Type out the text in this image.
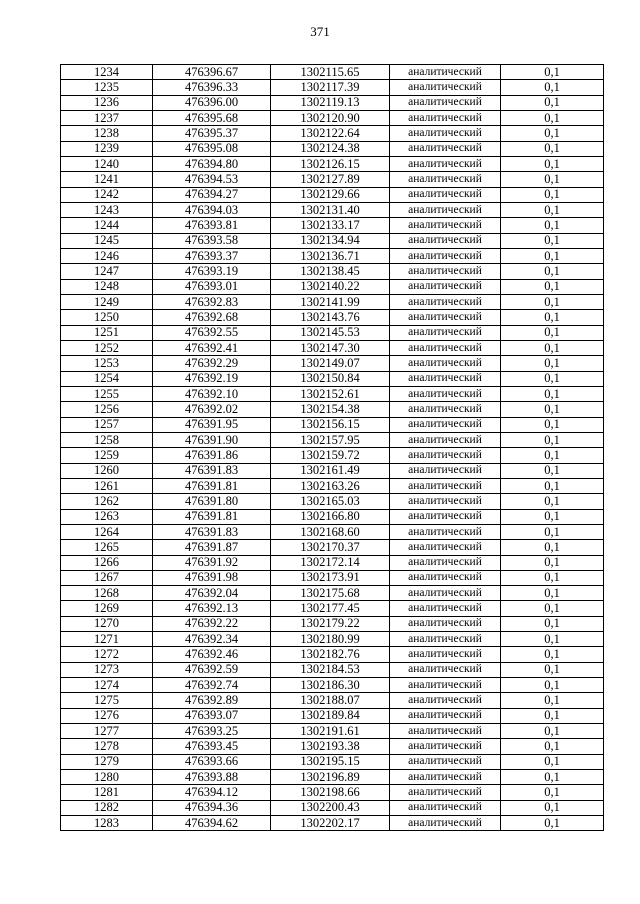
371
1234	476396.67	1302115.65	аналитический	0,1
1235	476396.33	1302117.39	аналитический	0,1
1236	476396.00	1302119.13	аналитический	0,1
1237	476395.68	1302120.90	аналитический	0,1
1238	476395.37	1302122.64	аналитический	0,1
1239	476395.08	1302124.38	аналитический	0,1
1240	476394.80	1302126.15	аналитический	0,1
1241	476394.53	1302127.89	аналитический	0,1
1242	476394.27	1302129.66	аналитический	0,1
1243	476394.03	1302131.40	аналитический	0,1
1244	476393.81	1302133.17	аналитический	0,1
1245	476393.58	1302134.94	аналитический	0,1
1246	476393.37	1302136.71	аналитический	0,1
1247	476393.19	1302138.45	аналитический	0,1
1248	476393.01	1302140.22	аналитический	0,1
1249	476392.83	1302141.99	аналитический	0,1
1250	476392.68	1302143.76	аналитический	0,1
1251	476392.55	1302145.53	аналитический	0,1
1252	476392.41	1302147.30	аналитический	0,1
1253	476392.29	1302149.07	аналитический	0,1
1254	476392.19	1302150.84	аналитический	0,1
1255	476392.10	1302152.61	аналитический	0,1
1256	476392.02	1302154.38	аналитический	0,1
1257	476391.95	1302156.15	аналитический	0,1
1258	476391.90	1302157.95	аналитический	0,1
1259	476391.86	1302159.72	аналитический	0,1
1260	476391.83	1302161.49	аналитический	0,1
1261	476391.81	1302163.26	аналитический	0,1
1262	476391.80	1302165.03	аналитический	0,1
1263	476391.81	1302166.80	аналитический	0,1
1264	476391.83	1302168.60	аналитический	0,1
1265	476391.87	1302170.37	аналитический	0,1
1266	476391.92	1302172.14	аналитический	0,1
1267	476391.98	1302173.91	аналитический	0,1
1268	476392.04	1302175.68	аналитический	0,1
1269	476392.13	1302177.45	аналитический	0,1
1270	476392.22	1302179.22	аналитический	0,1
1271	476392.34	1302180.99	аналитический	0,1
1272	476392.46	1302182.76	аналитический	0,1
1273	476392.59	1302184.53	аналитический	0,1
1274	476392.74	1302186.30	аналитический	0,1
1275	476392.89	1302188.07	аналитический	0,1
1276	476393.07	1302189.84	аналитический	0,1
1277	476393.25	1302191.61	аналитический	0,1
1278	476393.45	1302193.38	аналитический	0,1
1279	476393.66	1302195.15	аналитический	0,1
1280	476393.88	1302196.89	аналитический	0,1
1281	476394.12	1302198.66	аналитический	0,1
1282	476394.36	1302200.43	аналитический	0,1
1283	476394.62	1302202.17	аналитический	0,1
